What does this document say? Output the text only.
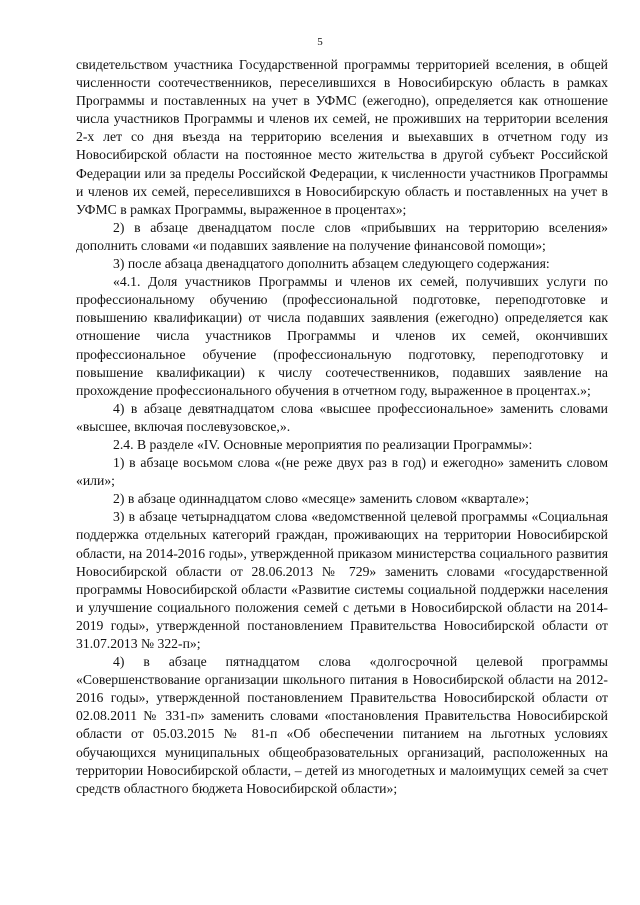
5

свидетельством участника Государственной программы территорией вселения, в общей численности соотечественников, переселившихся в Новосибирскую область в рамках Программы и поставленных на учет в УФМС (ежегодно), определяется как отношение числа участников Программы и членов их семей, не проживших на территории вселения 2-х лет со дня въезда на территорию вселения и выехавших в отчетном году из Новосибирской области на постоянное место жительства в другой субъект Российской Федерации или за пределы Российской Федерации, к численности участников Программы и членов их семей, переселившихся в Новосибирскую область и поставленных на учет в УФМС в рамках Программы, выраженное в процентах»;

2) в абзаце двенадцатом после слов «прибывших на территорию вселения» дополнить словами «и подавших заявление на получение финансовой помощи»;

3) после абзаца двенадцатого дополнить абзацем следующего содержания:

«4.1. Доля участников Программы и членов их семей, получивших услуги по профессиональному обучению (профессиональной подготовке, переподготовке и повышению квалификации) от числа подавших заявления (ежегодно) определяется как отношение числа участников Программы и членов их семей, окончивших профессиональное обучение (профессиональную подготовку, переподготовку и повышение квалификации) к числу соотечественников, подавших заявление на прохождение профессионального обучения в отчетном году, выраженное в процентах.»;

4) в абзаце девятнадцатом слова «высшее профессиональное» заменить словами «высшее, включая послевузовское,».

2.4. В разделе «IV. Основные мероприятия по реализации Программы»:

1) в абзаце восьмом слова «(не реже двух раз в год) и ежегодно» заменить словом «или»;

2) в абзаце одиннадцатом слово «месяце» заменить словом «квартале»;

3) в абзаце четырнадцатом слова «ведомственной целевой программы «Социальная поддержка отдельных категорий граждан, проживающих на территории Новосибирской области, на 2014-2016 годы», утвержденной приказом министерства социального развития Новосибирской области от 28.06.2013 № 729» заменить словами «государственной программы Новосибирской области «Развитие системы социальной поддержки населения и улучшение социального положения семей с детьми в Новосибирской области на 2014-2019 годы», утвержденной постановлением Правительства Новосибирской области от 31.07.2013 № 322-п»;

4) в абзаце пятнадцатом слова «долгосрочной целевой программы «Совершенствование организации школьного питания в Новосибирской области на 2012-2016 годы», утвержденной постановлением Правительства Новосибирской области от 02.08.2011 № 331-п» заменить словами «постановления Правительства Новосибирской области от 05.03.2015 № 81-п «Об обеспечении питанием на льготных условиях обучающихся муниципальных общеобразовательных организаций, расположенных на территории Новосибирской области, – детей из многодетных и малоимущих семей за счет средств областного бюджета Новосибирской области»;
